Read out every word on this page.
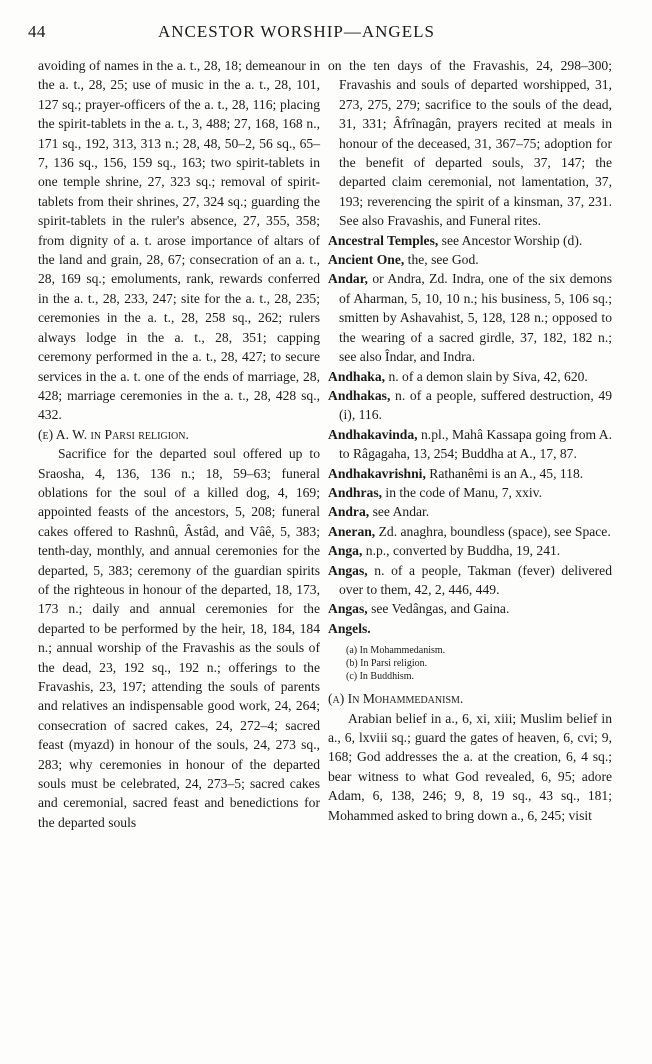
44	ANCESTOR WORSHIP—ANGELS

avoiding of names in the a. t., 28, 18; demeanour in the a. t., 28, 25; use of music in the a. t., 28, 101, 127 sq.; prayer-officers of the a. t., 28, 116; placing the spirit-tablets in the a. t., 3, 488; 27, 168, 168 n., 171 sq., 192, 313, 313 n.; 28, 48, 50–2, 56 sq., 65–7, 136 sq., 156, 159 sq., 163; two spirit-tablets in one temple shrine, 27, 323 sq.; removal of spirit-tablets from their shrines, 27, 324 sq.; guarding the spirit-tablets in the ruler's absence, 27, 355, 358; from dignity of a. t. arose importance of altars of the land and grain, 28, 67; consecration of an a. t., 28, 169 sq.; emoluments, rank, rewards conferred in the a. t., 28, 233, 247; site for the a. t., 28, 235; ceremonies in the a. t., 28, 258 sq., 262; rulers always lodge in the a. t., 28, 351; capping ceremony performed in the a. t., 28, 427; to secure services in the a. t. one of the ends of marriage, 28, 428; marriage ceremonies in the a. t., 28, 428 sq., 432.

(e) A. W. in Parsi religion.

Sacrifice for the departed soul offered up to Sraosha, 4, 136, 136 n.; 18, 59–63; funeral oblations for the soul of a killed dog, 4, 169; appointed feasts of the ancestors, 5, 208; funeral cakes offered to Rashnû, Âstâd, and Vâê, 5, 383; tenth-day, monthly, and annual ceremonies for the departed, 5, 383; ceremony of the guardian spirits of the righteous in honour of the departed, 18, 173, 173 n.; daily and annual ceremonies for the departed to be performed by the heir, 18, 184, 184 n.; annual worship of the Fravashis as the souls of the dead, 23, 192 sq., 192 n.; offerings to the Fravashis, 23, 197; attending the souls of parents and relatives an indispensable good work, 24, 264; consecration of sacred cakes, 24, 272–4; sacred feast (myazd) in honour of the souls, 24, 273 sq., 283; why ceremonies in honour of the departed souls must be celebrated, 24, 273–5; sacred cakes and ceremonial, sacred feast and benedictions for the departed souls

on the ten days of the Fravashis, 24, 298–300; Fravashis and souls of departed worshipped, 31, 273, 275, 279; sacrifice to the souls of the dead, 31, 331; Âfrînagân, prayers recited at meals in honour of the deceased, 31, 367–75; adoption for the benefit of departed souls, 37, 147; the departed claim ceremonial, not lamentation, 37, 193; reverencing the spirit of a kinsman, 37, 231. See also Fravashis, and Funeral rites.

Ancestral Temples, see Ancestor Worship (d).

Ancient One, the, see God.

Andar, or Andra, Zd. Indra, one of the six demons of Aharman, 5, 10, 10 n.; his business, 5, 106 sq.; smitten by Ashavahist, 5, 128, 128 n.; opposed to the wearing of a sacred girdle, 37, 182, 182 n.; see also Îndar, and Indra.

Andhaka, n. of a demon slain by Siva, 42, 620.

Andhakas, n. of a people, suffered destruction, 49 (i), 116.

Andhakavinda, n.pl., Mahâ Kassapa going from A. to Râgagaha, 13, 254; Buddha at A., 17, 87.

Andhakavrishni, Rathanêmi is an A., 45, 118.

Andhras, in the code of Manu, 7, xxiv.

Andra, see Andar.

Aneran, Zd. anaghra, boundless (space), see Space.

Anga, n.p., converted by Buddha, 19, 241.

Angas, n. of a people, Takman (fever) delivered over to them, 42, 2, 446, 449.

Angas, see Vedângas, and Gaina.

Angels.

(a) In Mohammedanism.
(b) In Parsi religion.
(c) In Buddhism.

(a) In Mohammedanism.

Arabian belief in a., 6, xi, xiii; Muslim belief in a., 6, lxviii sq.; guard the gates of heaven, 6, cvi; 9, 168; God addresses the a. at the creation, 6, 4 sq.; bear witness to what God revealed, 6, 95; adore Adam, 6, 138, 246; 9, 8, 19 sq., 43 sq., 181; Mohammed asked to bring down a., 6, 245; visit
